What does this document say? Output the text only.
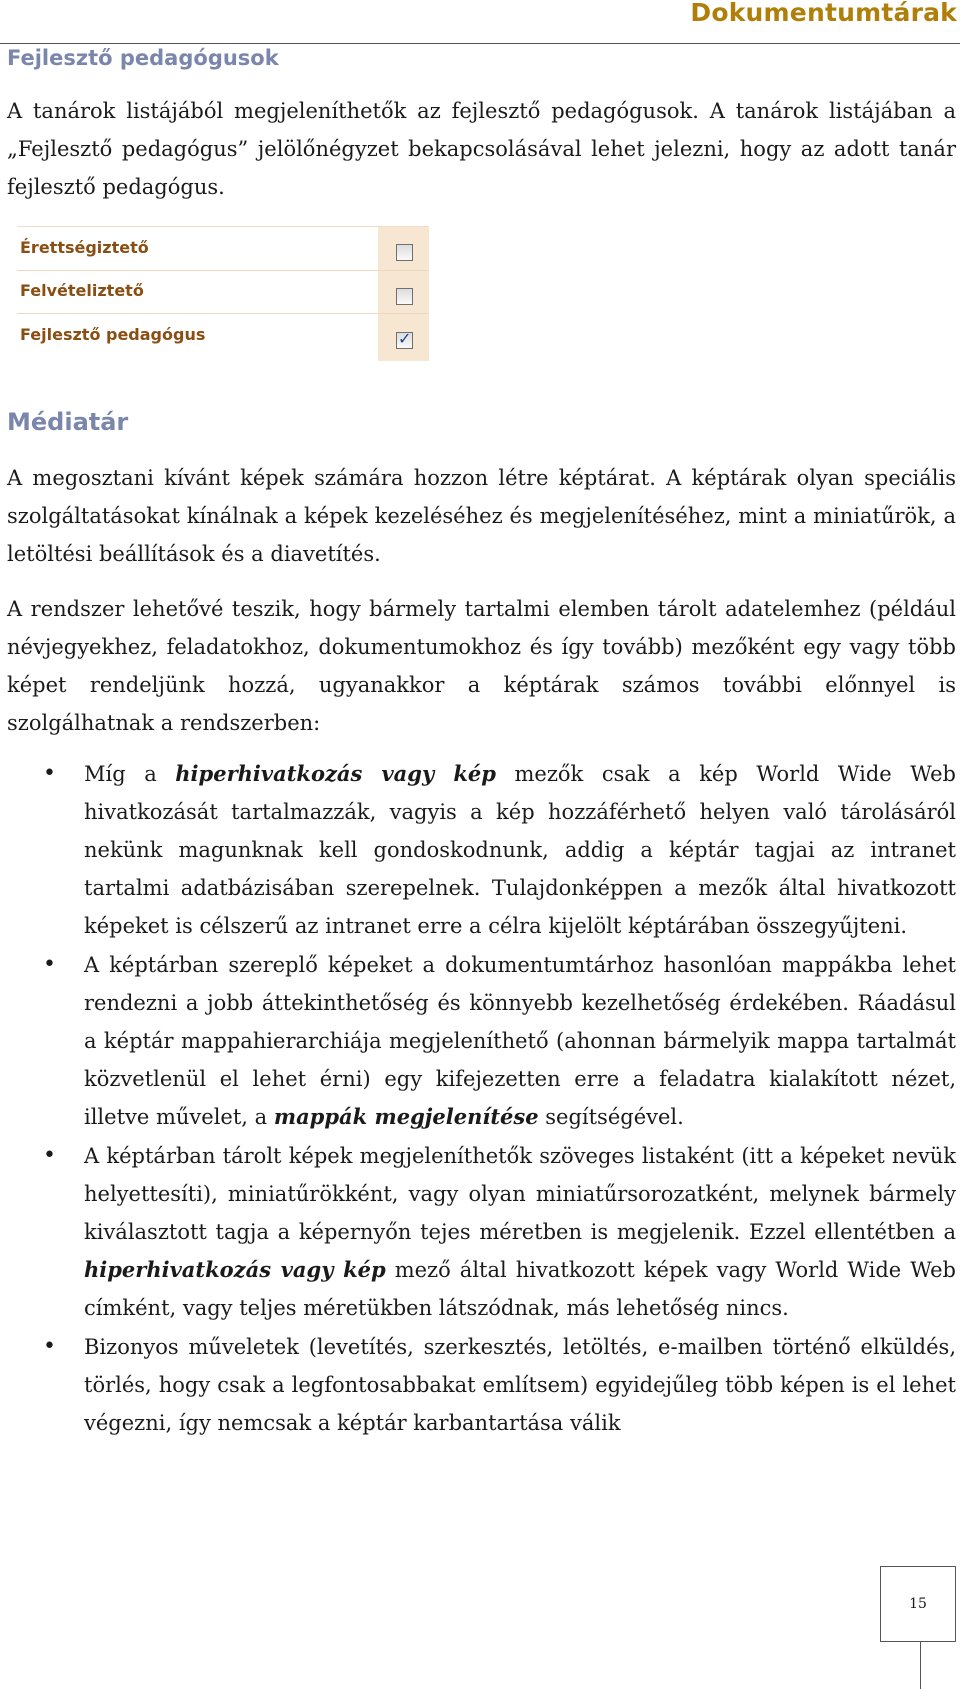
Dokumentumtárak
Fejlesztő pedagógusok

A tanárok listájából megjeleníthetők az fejlesztő pedagógusok. A tanárok listájában a „Fejlesztő pedagógus” jelölőnégyzet bekapcsolásával lehet jelezni, hogy az adott tanár fejlesztő pedagógus.

Érettségiztető
Felvételiztető
Fejlesztő pedagógus	✓
Médiatár

A megosztani kívánt képek számára hozzon létre képtárat. A képtárak olyan speciális szolgáltatásokat kínálnak a képek kezeléséhez és megjelenítéséhez, mint a miniatűrök, a letöltési beállítások és a diavetítés.

A rendszer lehetővé teszik, hogy bármely tartalmi elemben tárolt adatelemhez (például névjegyekhez, feladatokhoz, dokumentumokhoz és így tovább) mezőként egy vagy több képet rendeljünk hozzá, ugyanakkor a képtárak számos további előnnyel is szolgálhatnak a rendszerben:

• Míg a hiperhivatkozás vagy kép mezők csak a kép World Wide Web hivatkozását tartalmazzák, vagyis a kép hozzáférhető helyen való tárolásáról nekünk magunknak kell gondoskodnunk, addig a képtár tagjai az intranet tartalmi adatbázisában szerepelnek. Tulajdonképpen a mezők által hivatkozott képeket is célszerű az intranet erre a célra kijelölt képtárában összegyűjteni.
• A képtárban szereplő képeket a dokumentumtárhoz hasonlóan mappákba lehet rendezni a jobb áttekinthetőség és könnyebb kezelhetőség érdekében. Ráadásul a képtár mappahierarchiája megjeleníthető (ahonnan bármelyik mappa tartalmát közvetlenül el lehet érni) egy kifejezetten erre a feladatra kialakított nézet, illetve művelet, a mappák megjelenítése segítségével.
• A képtárban tárolt képek megjeleníthetők szöveges listaként (itt a képeket nevük helyettesíti), miniatűrökként, vagy olyan miniatűrsorozatként, melynek bármely kiválasztott tagja a képernyőn tejes méretben is megjelenik. Ezzel ellentétben a hiperhivatkozás vagy kép mező által hivatkozott képek vagy World Wide Web címként, vagy teljes méretükben látszódnak, más lehetőség nincs.
• Bizonyos műveletek (levetítés, szerkesztés, letöltés, e-mailben történő elküldés, törlés, hogy csak a legfontosabbakat említsem) egyidejűleg több képen is el lehet végezni, így nemcsak a képtár karbantartása válik
15
